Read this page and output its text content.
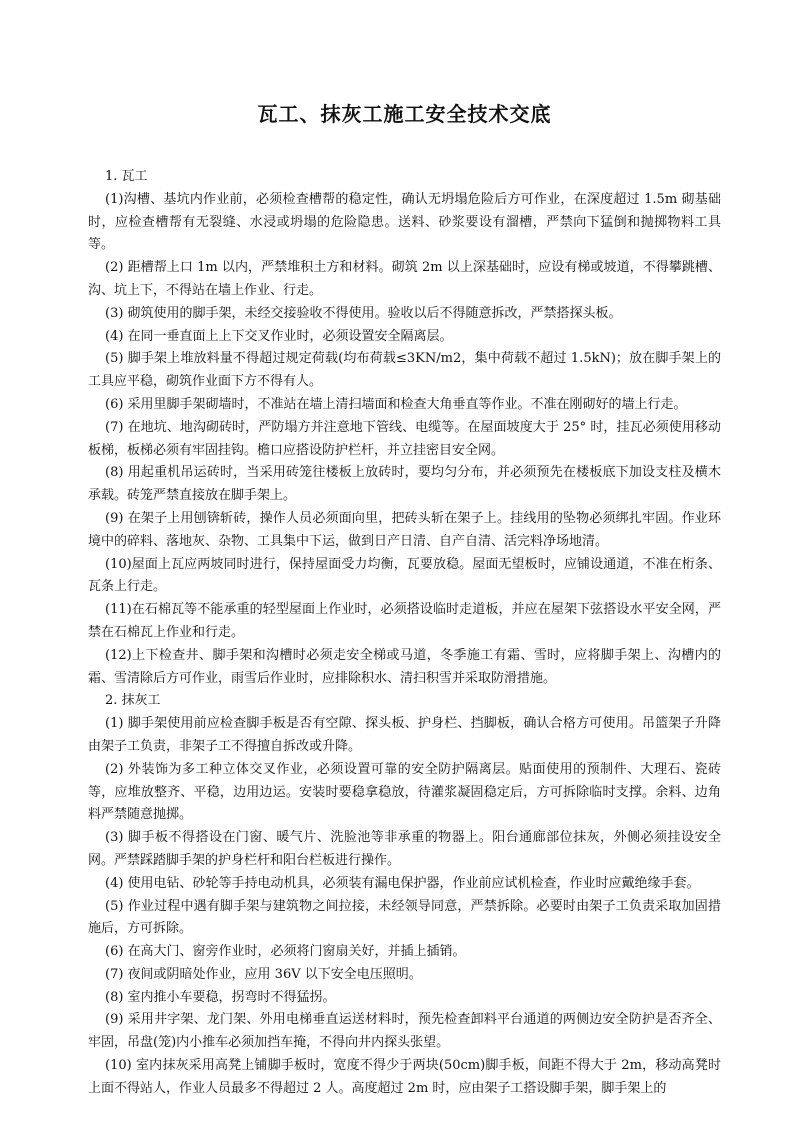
瓦工、抹灰工施工安全技术交底

1. 瓦工

(1)沟槽、基坑内作业前，必须检查槽帮的稳定性，确认无坍塌危险后方可作业，在深度超过 1.5m 砌基础时，应检查槽帮有无裂缝、水浸或坍塌的危险隐患。送料、砂浆要设有溜槽，严禁向下猛倒和抛掷物料工具等。

(2) 距槽帮上口 1m 以内，严禁堆积土方和材料。砌筑 2m 以上深基础时，应设有梯或坡道，不得攀跳槽、沟、坑上下，不得站在墙上作业、行走。

(3) 砌筑使用的脚手架，未经交接验收不得使用。验收以后不得随意拆改，严禁搭探头板。

(4) 在同一垂直面上上下交叉作业时，必须设置安全隔离层。

(5) 脚手架上堆放料量不得超过规定荷载(均布荷载≤3KN/m2，集中荷载不超过 1.5kN)；放在脚手架上的工具应平稳，砌筑作业面下方不得有人。

(6) 采用里脚手架砌墙时，不准站在墙上清扫墙面和检查大角垂直等作业。不准在刚砌好的墙上行走。

(7) 在地坑、地沟砌砖时，严防塌方并注意地下管线、电缆等。在屋面坡度大于 25° 时，挂瓦必须使用移动板梯，板梯必须有牢固挂钩。檐口应搭设防护栏杆，并立挂密目安全网。

(8) 用起重机吊运砖时，当采用砖笼往楼板上放砖时，要均匀分布，并必须预先在楼板底下加设支柱及横木承载。砖笼严禁直接放在脚手架上。

(9) 在架子上用刨锛斩砖，操作人员必须面向里，把砖头斩在架子上。挂线用的坠物必须绑扎牢固。作业环境中的碎料、落地灰、杂物、工具集中下运，做到日产日清、自产自清、活完料净场地清。

(10)屋面上瓦应两坡同时进行，保持屋面受力均衡，瓦要放稳。屋面无望板时，应铺设通道，不准在桁条、瓦条上行走。

(11)在石棉瓦等不能承重的轻型屋面上作业时，必须搭设临时走道板，并应在屋架下弦搭设水平安全网，严禁在石棉瓦上作业和行走。

(12)上下检查井、脚手架和沟槽时必须走安全梯或马道，冬季施工有霜、雪时，应将脚手架上、沟槽内的霜、雪清除后方可作业，雨雪后作业时，应排除积水、清扫积雪并采取防滑措施。

2. 抹灰工

(1) 脚手架使用前应检查脚手板是否有空隙、探头板、护身栏、挡脚板，确认合格方可使用。吊篮架子升降由架子工负责，非架子工不得擅自拆改或升降。

(2) 外装饰为多工种立体交叉作业，必须设置可靠的安全防护隔离层。贴面使用的预制件、大理石、瓷砖等，应堆放整齐、平稳，边用边运。安装时要稳拿稳放，待灌浆凝固稳定后，方可拆除临时支撑。余料、边角料严禁随意抛掷。

(3) 脚手板不得搭设在门窗、暖气片、洗脸池等非承重的物器上。阳台通廊部位抹灰，外侧必须挂设安全网。严禁踩踏脚手架的护身栏杆和阳台栏板进行操作。

(4) 使用电钻、砂轮等手持电动机具，必须装有漏电保护器，作业前应试机检查，作业时应戴绝缘手套。

(5) 作业过程中遇有脚手架与建筑物之间拉接，未经领导同意，严禁拆除。必要时由架子工负责采取加固措施后，方可拆除。

(6) 在高大门、窗旁作业时，必须将门窗扇关好，并插上插销。

(7) 夜间或阴暗处作业，应用 36V 以下安全电压照明。

(8) 室内推小车要稳，拐弯时不得猛拐。

(9) 采用井字架、龙门架、外用电梯垂直运送材料时，预先检查卸料平台通道的两侧边安全防护是否齐全、牢固，吊盘(笼)内小推车必须加挡车掩，不得向井内探头张望。

(10) 室内抹灰采用高凳上铺脚手板时，宽度不得少于两块(50cm)脚手板，间距不得大于 2m，移动高凳时上面不得站人，作业人员最多不得超过 2 人。高度超过 2m 时，应由架子工搭设脚手架，脚手架上的
